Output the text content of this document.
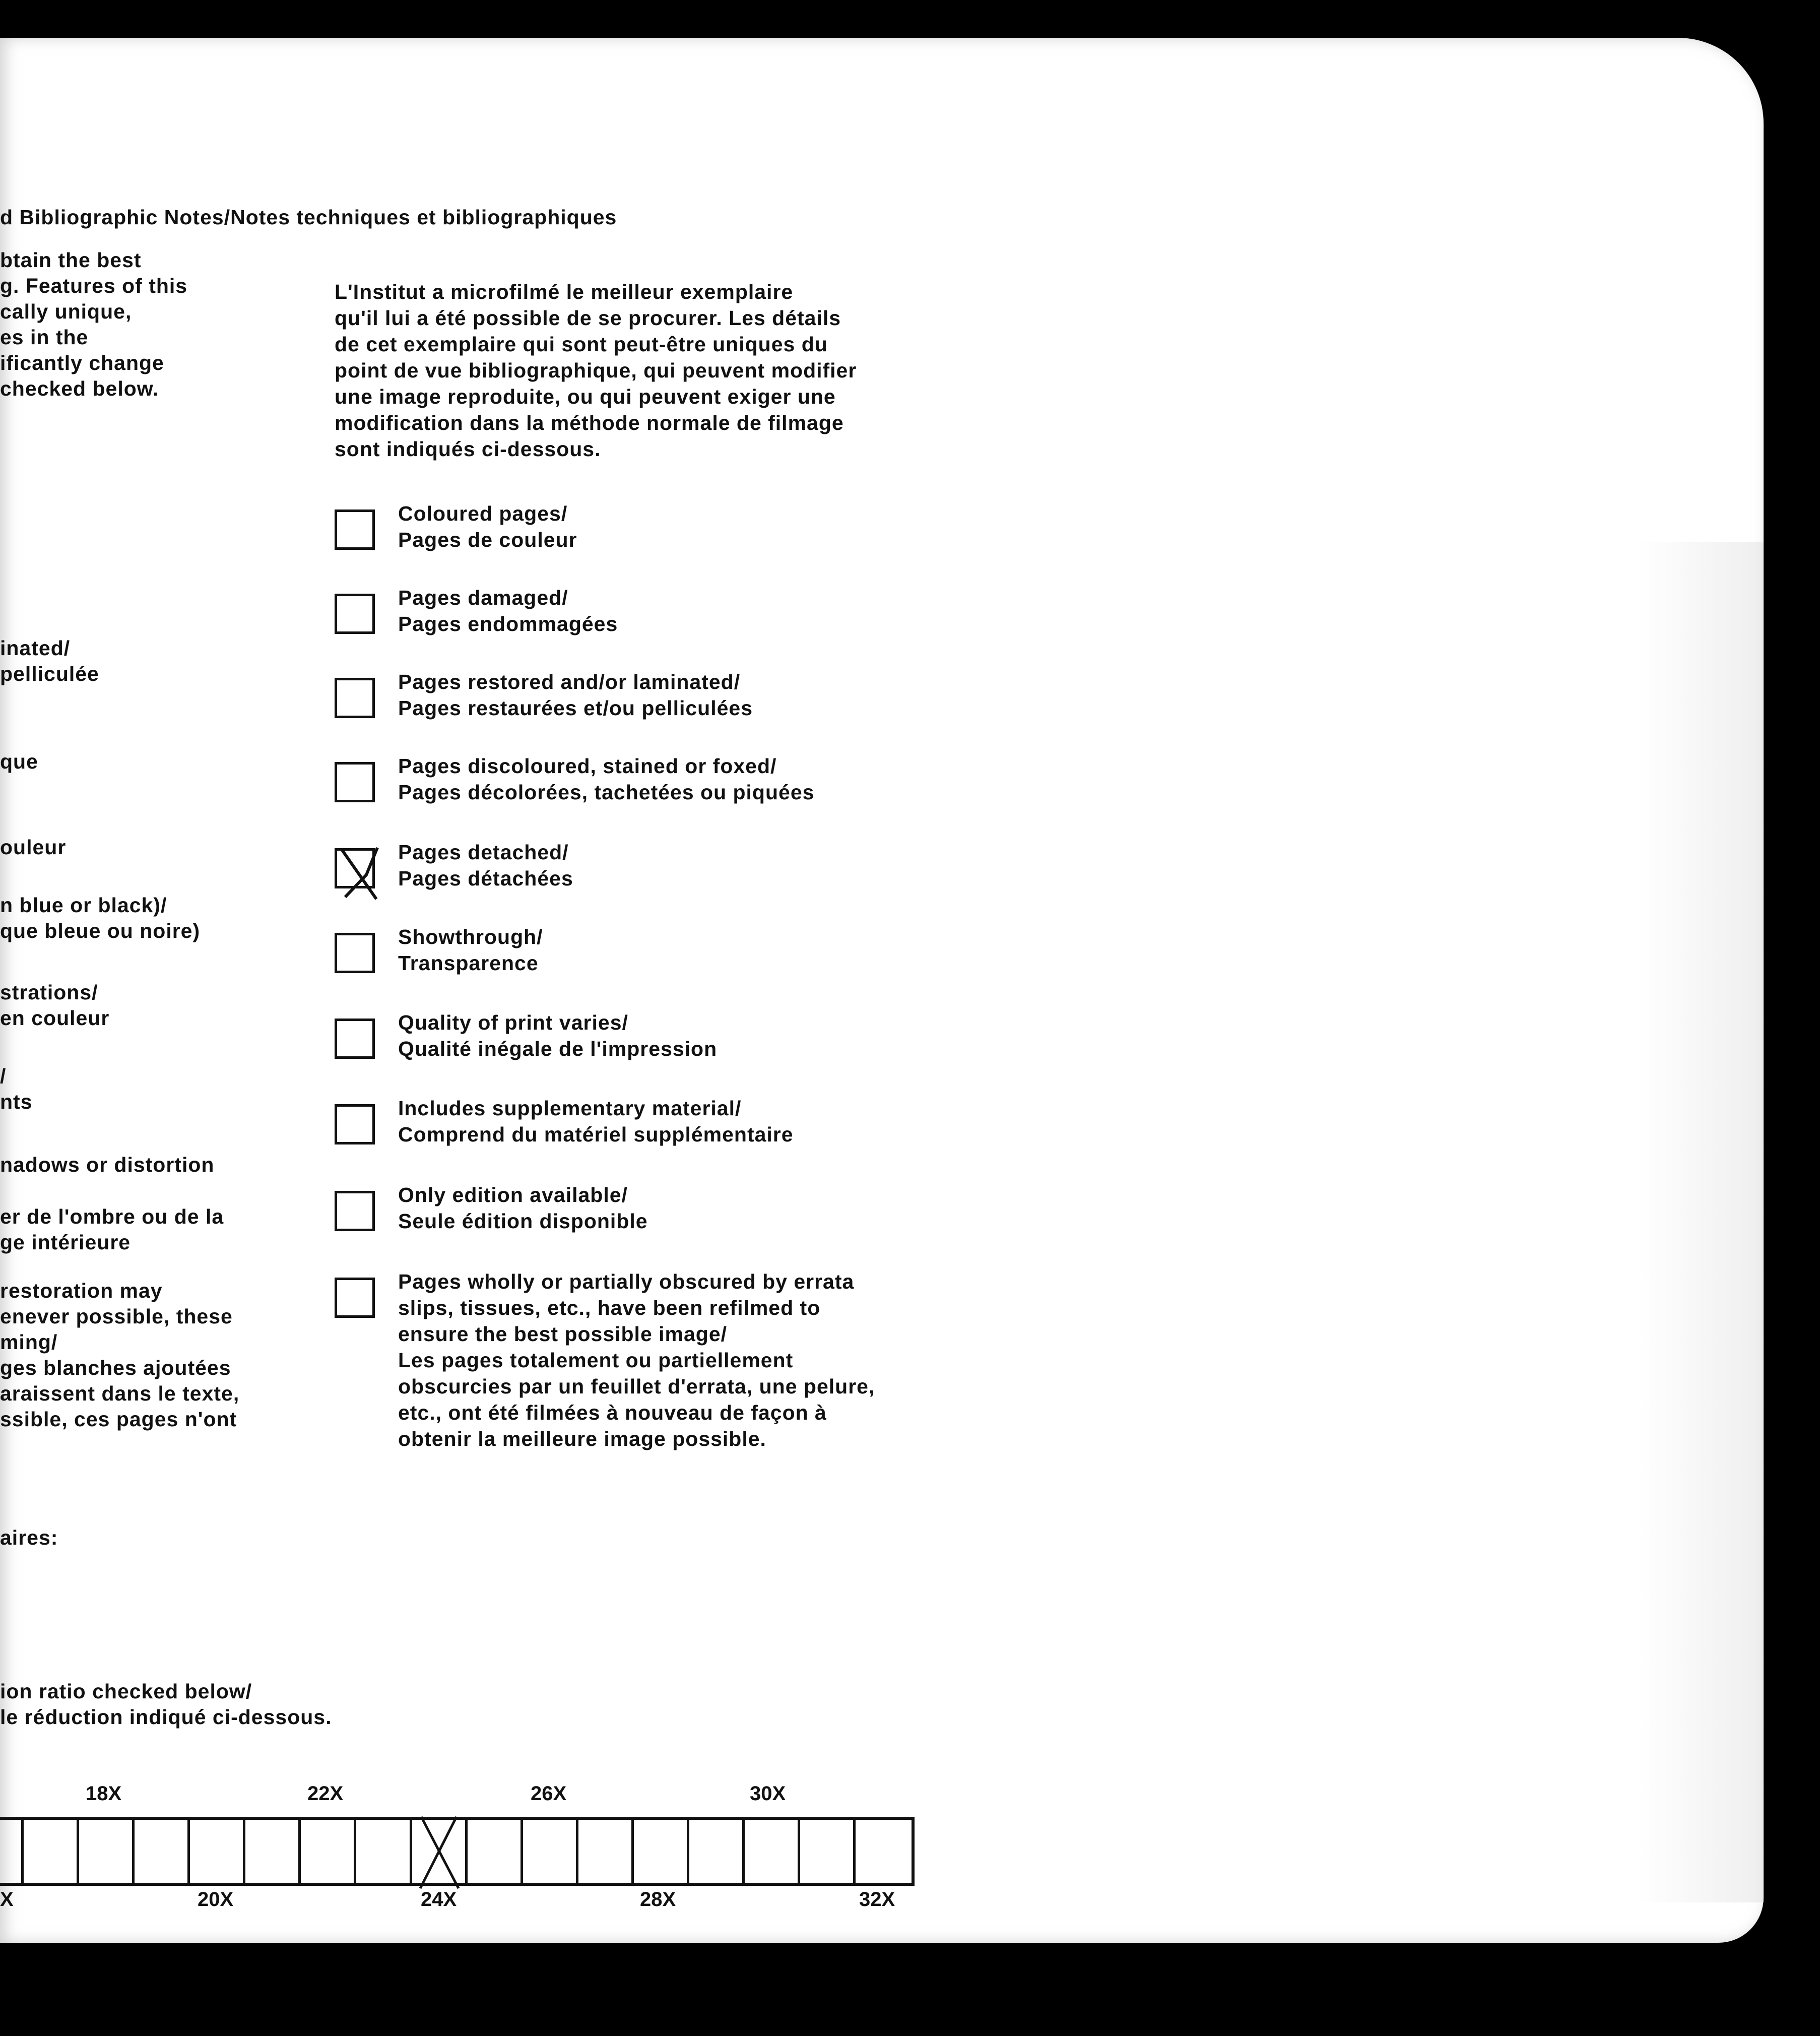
d Bibliographic Notes/Notes techniques et bibliographiques
btain the best
g. Features of this
cally unique,
es in the
ificantly change
checked below.
inated/
pelliculée
que
ouleur
n blue or black)/
que bleue ou noire)
strations/
en couleur
/
nts
nadows or distortion
er de l'ombre ou de la
ge intérieure
restoration may
enever possible, these
ming/
ges blanches ajoutées
araissent dans le texte,
ssible, ces pages n'ont
aires:
ion ratio checked below/
le réduction indiqué ci-dessous.
L'Institut a microfilmé le meilleur exemplaire
qu'il lui a été possible de se procurer. Les détails
de cet exemplaire qui sont peut-être uniques du
point de vue bibliographique, qui peuvent modifier
une image reproduite, ou qui peuvent exiger une
modification dans la méthode normale de filmage
sont indiqués ci-dessous.
Coloured pages/
Pages de couleur
Pages damaged/
Pages endommagées
Pages restored and/or laminated/
Pages restaurées et/ou pelliculées
Pages discoloured, stained or foxed/
Pages décolorées, tachetées ou piquées
Pages detached/
Pages détachées
Showthrough/
Transparence
Quality of print varies/
Qualité inégale de l'impression
Includes supplementary material/
Comprend du matériel supplémentaire
Only edition available/
Seule édition disponible
Pages wholly or partially obscured by errata
slips, tissues, etc., have been refilmed to
ensure the best possible image/
Les pages totalement ou partiellement
obscurcies par un feuillet d'errata, une pelure,
etc., ont été filmées à nouveau de façon à
obtenir la meilleure image possible.
18X	22X	26X	30X
X	20X	24X	28X	32X
